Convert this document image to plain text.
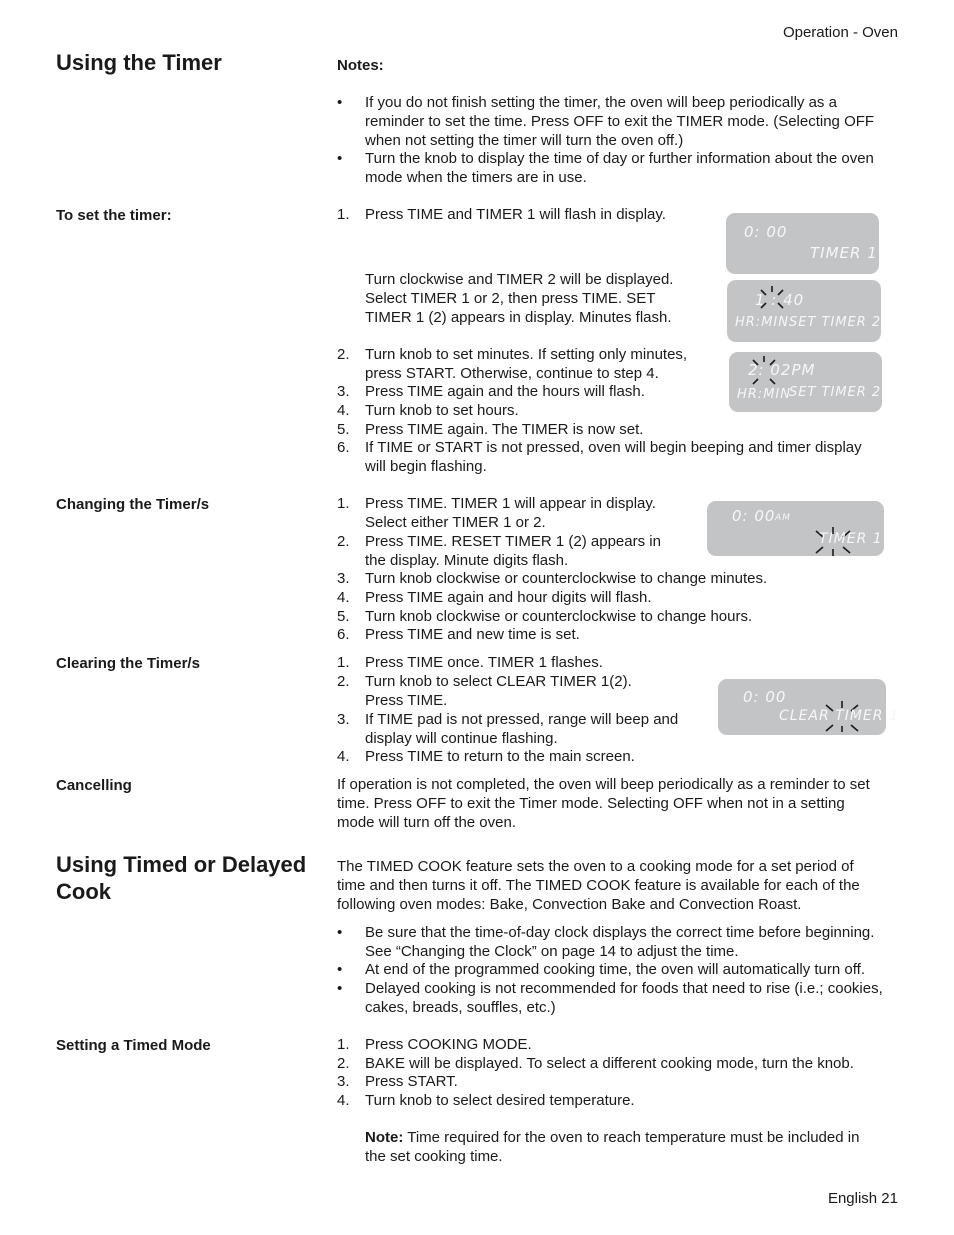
Operation - Oven
English 21
Using the Timer	Notes:
• If you do not finish setting the timer, the oven will beep periodically as a
reminder to set the time. Press OFF to exit the TIMER mode. (Selecting OFF
when not setting the timer will turn the oven off.)
• Turn the knob to display the time of day or further information about the oven
mode when the timers are in use.
To set the timer:	1. Press TIME and TIMER 1 will flash in display.
Turn clockwise and TIMER 2 will be displayed.
Select TIMER 1 or 2, then press TIME. SET
TIMER 1 (2) appears in display. Minutes flash.
2. Turn knob to set minutes. If setting only minutes,
press START. Otherwise, continue to step 4.
3. Press TIME again and the hours will flash.
4. Turn knob to set hours.
5. Press TIME again. The TIMER is now set.
6. If TIME or START is not pressed, oven will begin beeping and timer display
will begin flashing.
Changing the Timer/s	1. Press TIME. TIMER 1 will appear in display.
Select either TIMER 1 or 2.
2. Press TIME. RESET TIMER 1 (2) appears in
the display. Minute digits flash.
3. Turn knob clockwise or counterclockwise to change minutes.
4. Press TIME again and hour digits will flash.
5. Turn knob clockwise or counterclockwise to change hours.
6. Press TIME and new time is set.
Clearing the Timer/s	1. Press TIME once. TIMER 1 flashes.
2. Turn knob to select CLEAR TIMER 1(2).
Press TIME.
3. If TIME pad is not pressed, range will beep and
display will continue flashing.
4. Press TIME to return to the main screen.
Cancelling	If operation is not completed, the oven will beep periodically as a reminder to set
time. Press OFF to exit the Timer mode. Selecting OFF when not in a setting
mode will turn off the oven.
Using Timed or Delayed
Cook
The TIMED COOK feature sets the oven to a cooking mode for a set period of
time and then turns it off. The TIMED COOK feature is available for each of the
following oven modes: Bake, Convection Bake and Convection Roast.
• Be sure that the time-of-day clock displays the correct time before beginning.
See “Changing the Clock” on page 14 to adjust the time.
• At end of the programmed cooking time, the oven will automatically turn off.
• Delayed cooking is not recommended for foods that need to rise (i.e.; cookies,
cakes, breads, souffles, etc.)
Setting a Timed Mode	1. Press COOKING MODE.
2. BAKE will be displayed. To select a different cooking mode, turn the knob.
3. Press START.
4. Turn knob to select desired temperature.
Note: Time required for the oven to reach temperature must be included in
the set cooking time.
0: 00
TIMER 1
1 : 40
HR:MIN SET TIMER 2
2: 02PM
HR:MIN
SET TIMER 2
0: 00 AM
TIMER 1
0: 00
CLEAR TIMER 1
